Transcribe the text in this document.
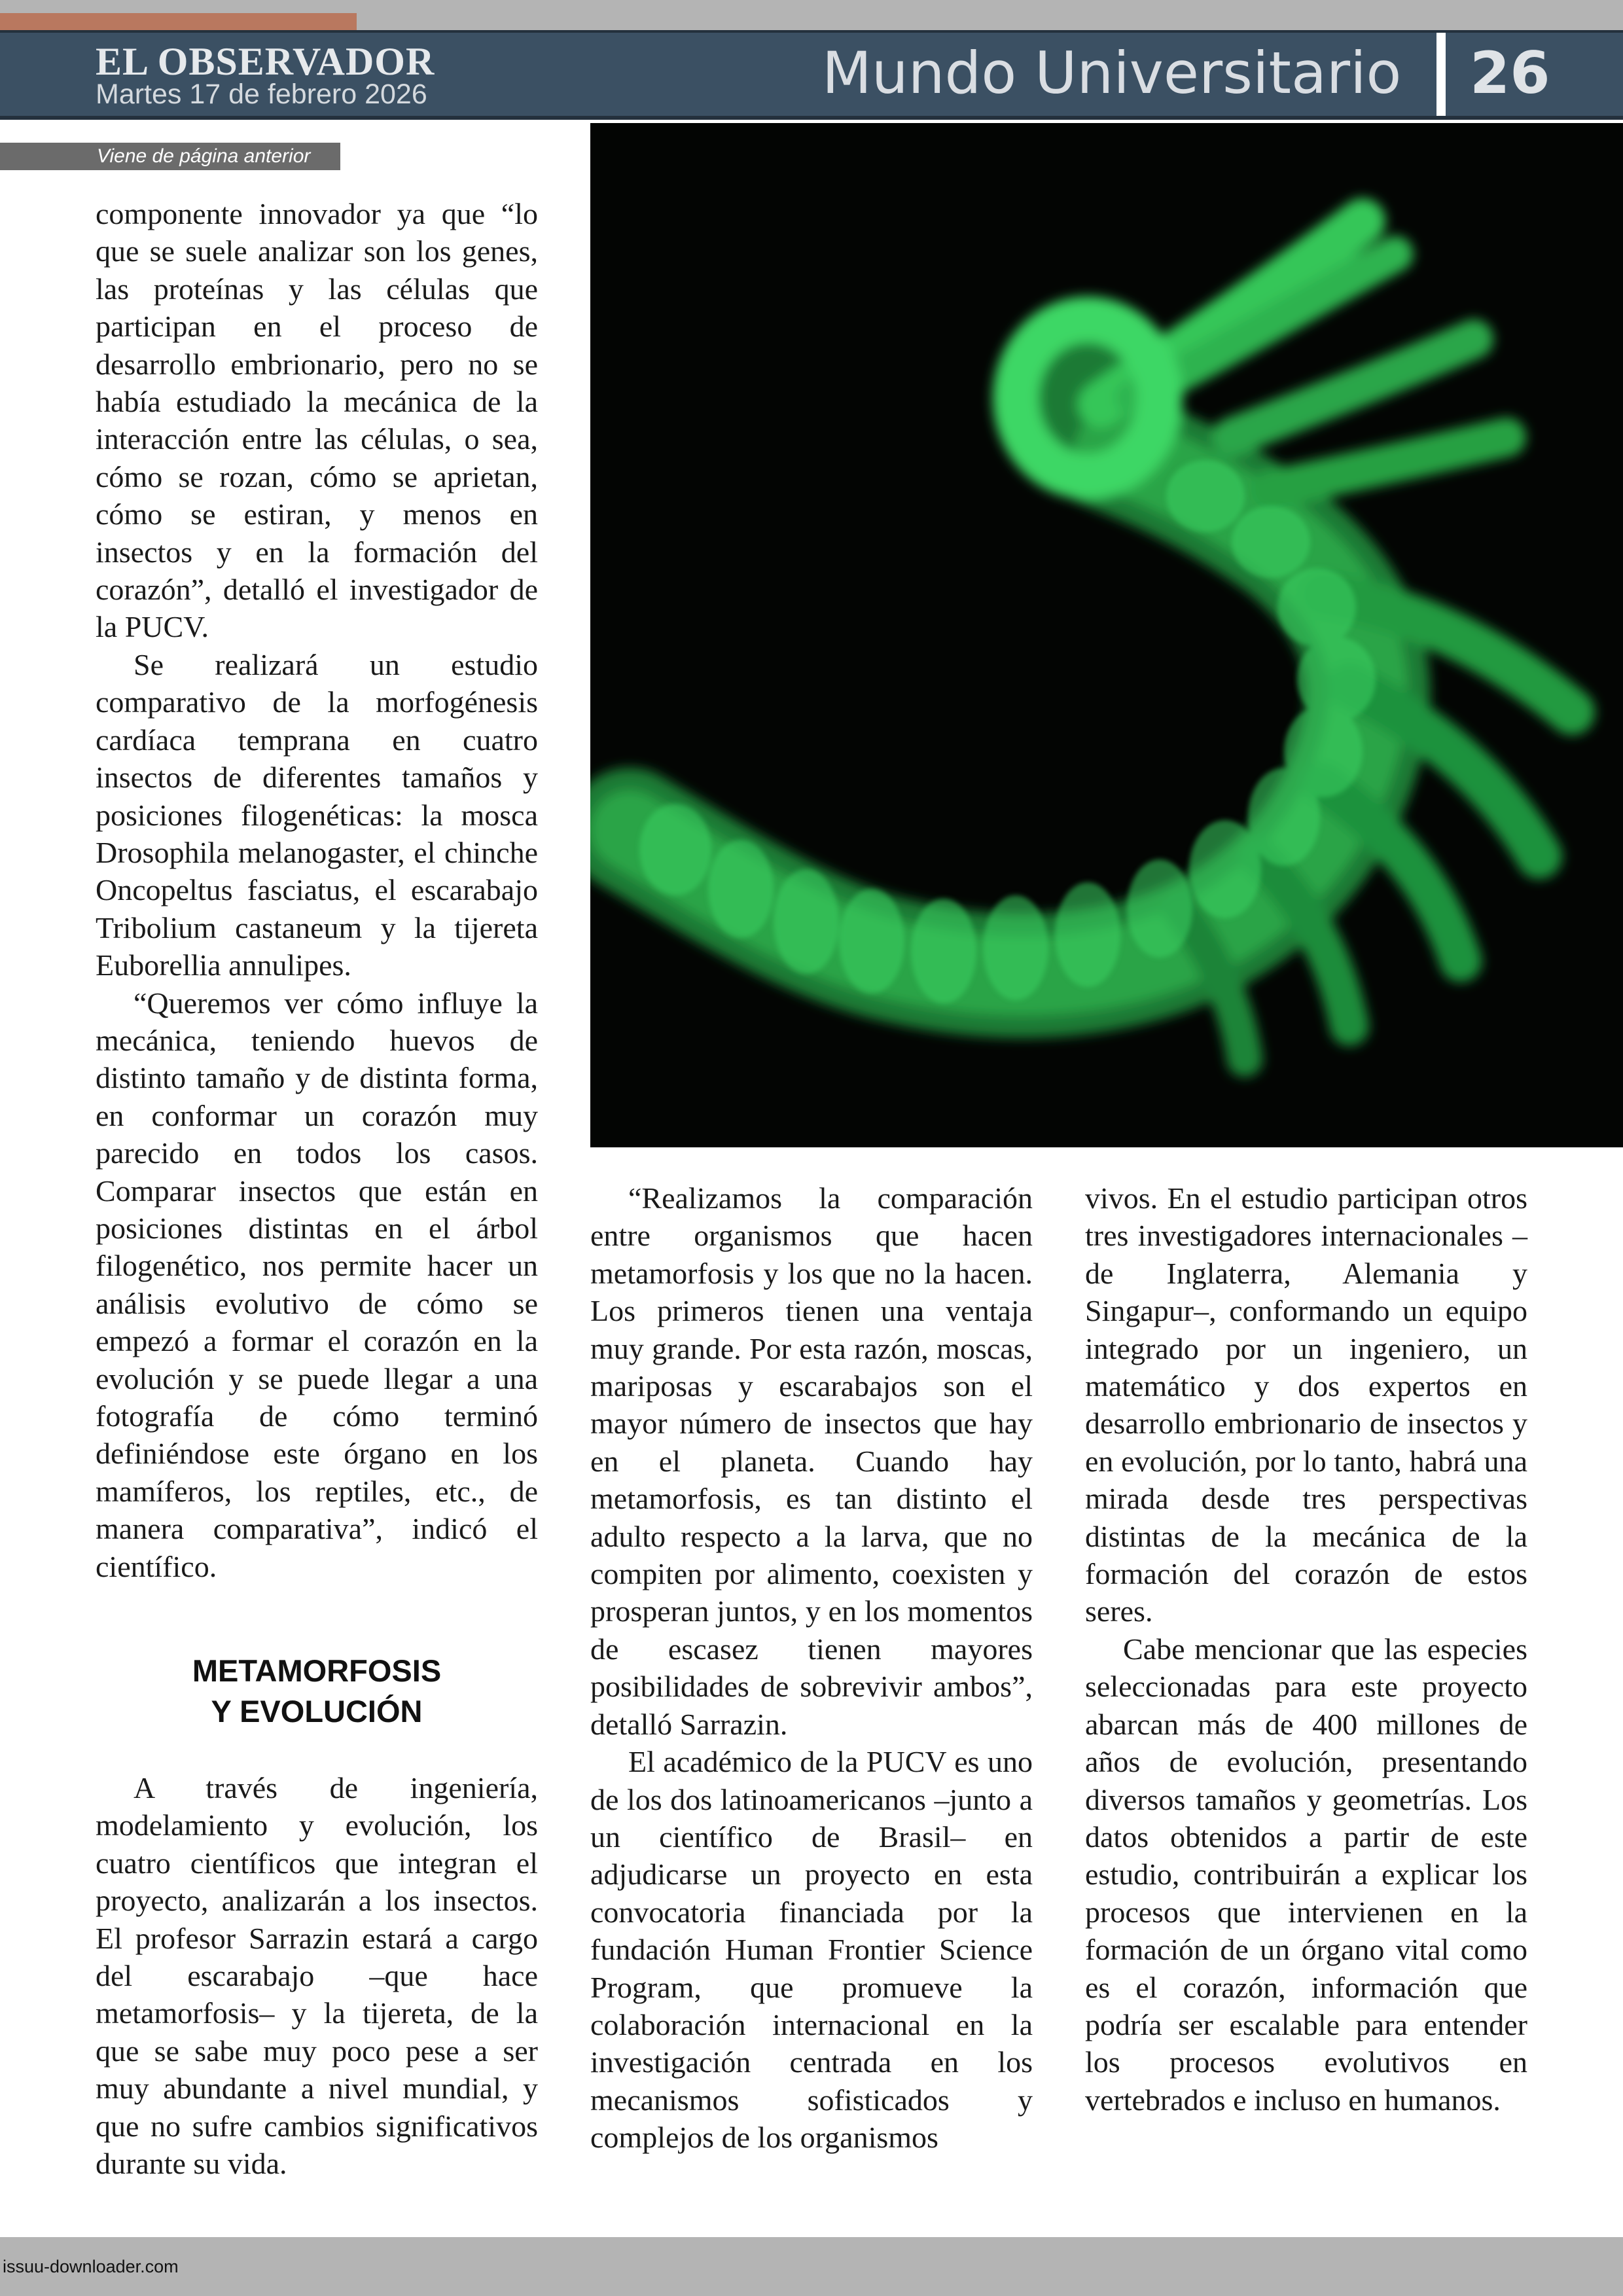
EL OBSERVADOR
Martes 17 de febrero 2026	Mundo Universitario 26
Viene de página anterior

componente innovador ya que “lo que se suele analizar son los genes, las proteínas y las células que participan en el proceso de desarrollo embrionario, pero no se había estudiado la mecánica de la interacción entre las células, o sea, cómo se rozan, cómo se aprietan, cómo se estiran, y menos en insectos y en la formación del corazón”, detalló el investigador de la PUCV.

Se realizará un estudio comparativo de la morfogénesis cardíaca temprana en cuatro insectos de diferentes tamaños y posiciones filogenéticas: la mosca Drosophila melanogaster, el chinche Oncopeltus fasciatus, el escarabajo Tribolium castaneum y la tijereta Euborellia annulipes.

“Queremos ver cómo influye la mecánica, teniendo huevos de distinto tamaño y de distinta forma, en conformar un corazón muy parecido en todos los casos. Comparar insectos que están en posiciones distintas en el árbol filogenético, nos permite hacer un análisis evolutivo de cómo se empezó a formar el corazón en la evolución y se puede llegar a una fotografía de cómo terminó definiéndose este órgano en los mamíferos, los reptiles, etc., de manera comparativa”, indicó el científico.

METAMORFOSIS
Y EVOLUCIÓN

A través de ingeniería, modelamiento y evolución, los cuatro científicos que integran el proyecto, analizarán a los insectos. El profesor Sarrazin estará a cargo del escarabajo –que hace metamorfosis– y la tijereta, de la que se sabe muy poco pese a ser muy abundante a nivel mundial, y que no sufre cambios significativos durante su vida.

“Realizamos la comparación entre organismos que hacen metamorfosis y los que no la hacen. Los primeros tienen una ventaja muy grande. Por esta razón, moscas, mariposas y escarabajos son el mayor número de insectos que hay en el planeta. Cuando hay metamorfosis, es tan distinto el adulto respecto a la larva, que no compiten por alimento, coexisten y prosperan juntos, y en los momentos de escasez tienen mayores posibilidades de sobrevivir ambos”, detalló Sarrazin.

El académico de la PUCV es uno de los dos latinoamericanos –junto a un científico de Brasil– en adjudicarse un proyecto en esta convocatoria financiada por la fundación Human Frontier Science Program, que promueve la colaboración internacional en la investigación centrada en los mecanismos sofisticados y complejos de los organismos

vivos. En el estudio participan otros tres investigadores internacionales –de Inglaterra, Alemania y Singapur–, conformando un equipo integrado por un ingeniero, un matemático y dos expertos en desarrollo embrionario de insectos y en evolución, por lo tanto, habrá una mirada desde tres perspectivas distintas de la mecánica de la formación del corazón de estos seres.

Cabe mencionar que las especies seleccionadas para este proyecto abarcan más de 400 millones de años de evolución, presentando diversos tamaños y geometrías. Los datos obtenidos a partir de este estudio, contribuirán a explicar los procesos que intervienen en la formación de un órgano vital como es el corazón, información que podría ser escalable para entender los procesos evolutivos en vertebrados e incluso en humanos.

issuu-downloader.com
